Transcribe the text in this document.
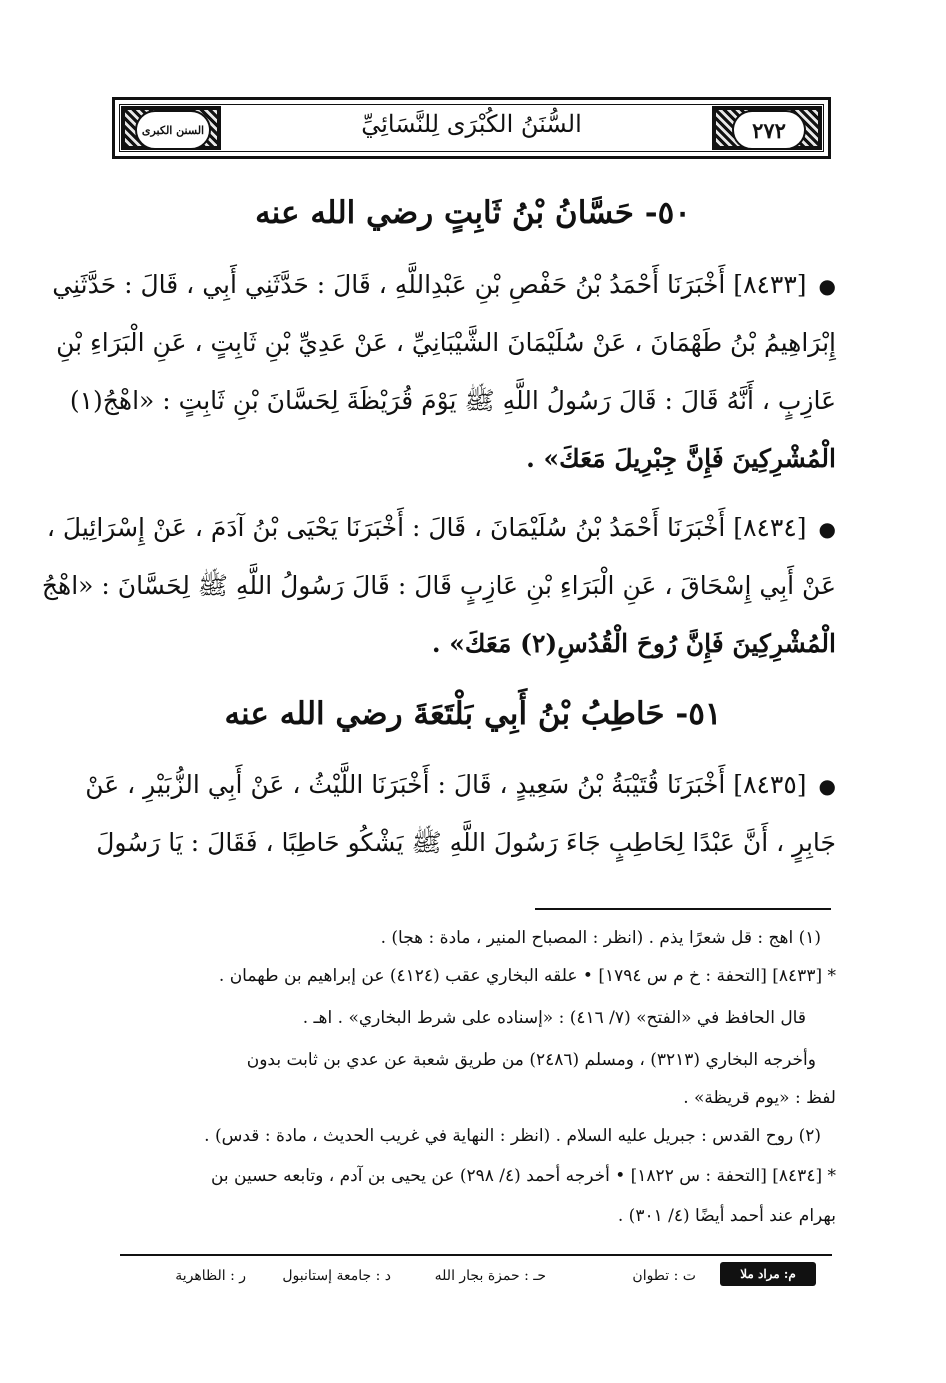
٢٧٢
السُّنَنُ الكُبْرَى لِلنَّسَائِيِّ
السنن الكبرى
٥٠- حَسَّانُ بْنُ ثَابِتٍ رضي الله عنه
●[٨٤٣٣] أَخْبَرَنَا أَحْمَدُ بْنُ حَفْصِ بْنِ عَبْدِاللَّهِ ، قَالَ : حَدَّثَنِي أَبِي ، قَالَ : حَدَّثَنِي
إِبْرَاهِيمُ بْنُ طَهْمَانَ ، عَنْ سُلَيْمَانَ الشَّيْبَانِيِّ ، عَنْ عَدِيِّ بْنِ ثَابِتٍ ، عَنِ الْبَرَاءِ بْنِ
عَازِبٍ ، أَنَّهُ قَالَ : قَالَ رَسُولُ اللَّهِ ﷺ يَوْمَ قُرَيْظَةَ لِحَسَّانَ بْنِ ثَابِتٍ : «اهْجُ(١)
الْمُشْرِكِينَ فَإِنَّ جِبْرِيلَ مَعَكَ» .
●[٨٤٣٤] أَخْبَرَنَا أَحْمَدُ بْنُ سُلَيْمَانَ ، قَالَ : أَخْبَرَنَا يَحْيَى بْنُ آدَمَ ، عَنْ إِسْرَائِيلَ ،
عَنْ أَبِي إِسْحَاقَ ، عَنِ الْبَرَاءِ بْنِ عَازِبٍ قَالَ : قَالَ رَسُولُ اللَّهِ ﷺ لِحَسَّانَ : «اهْجُ
الْمُشْرِكِينَ فَإِنَّ رُوحَ الْقُدُسِ(٢) مَعَكَ» .
٥١- حَاطِبُ بْنُ أَبِي بَلْتَعَةَ رضي الله عنه
●[٨٤٣٥] أَخْبَرَنَا قُتَيْبَةُ بْنُ سَعِيدٍ ، قَالَ : أَخْبَرَنَا اللَّيْثُ ، عَنْ أَبِي الزُّبَيْرِ ، عَنْ
جَابِرٍ ، أَنَّ عَبْدًا لِحَاطِبٍ جَاءَ رَسُولَ اللَّهِ ﷺ يَشْكُو حَاطِبًا ، فَقَالَ : يَا رَسُولَ
(١) اهج : قل شعرًا يذم . (انظر : المصباح المنير ، مادة : هجا) .
* [٨٤٣٣] [التحفة : خ م س ١٧٩٤] • علقه البخاري عقب (٤١٢٤) عن إبراهيم بن طهمان .
قال الحافظ في «الفتح» (٧/ ٤١٦) : «إسناده على شرط البخاري» . اهـ .
وأخرجه البخاري (٣٢١٣) ، ومسلم (٢٤٨٦) من طريق شعبة عن عدي بن ثابت بدون
لفظ : «يوم قريظة» .
(٢) روح القدس : جبريل عليه السلام . (انظر : النهاية في غريب الحديث ، مادة : قدس) .
* [٨٤٣٤] [التحفة : س ١٨٢٢] • أخرجه أحمد (٤/ ٢٩٨) عن يحيى بن آدم ، وتابعه حسين بن
بهرام عند أحمد أيضًا (٤/ ٣٠١) .
م: مراد ملا
ت : تطوان
حـ : حمزة بجار الله
د : جامعة إستانبول
ر : الظاهرية
